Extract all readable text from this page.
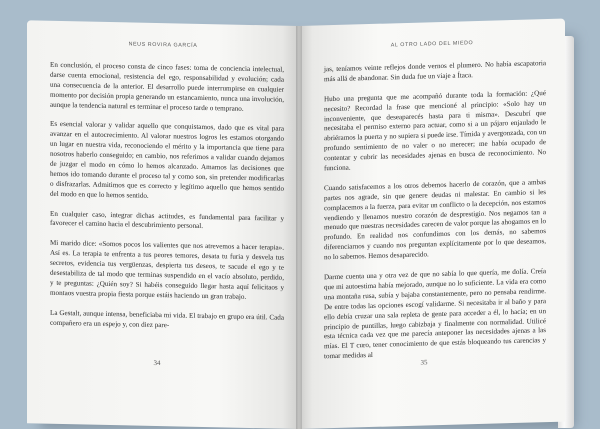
NEUS ROVIRA GARCÍA

En conclusión, el proceso consta de cinco fases: toma de conciencia intelectual, darse cuenta emocional, resistencia del ego, responsabilidad y evolución; cada una consecuencia de la anterior. El desarrollo puede interrumpirse en cualquier momento por decisión propia generando un estancamiento, nunca una involución, aunque la tendencia natural es terminar el proceso tarde o temprano.

Es esencial valorar y validar aquello que conquistamos, dado que es vital para avanzar en el autocrecimiento. Al valorar nuestros logros les estamos otorgando un lugar en nuestra vida, reconociendo el mérito y la importancia que tiene para nosotros haberlo conseguido; en cambio, nos referimos a validar cuando dejamos de juzgar el modo en cómo lo hemos alcanzado. Amamos las decisiones que hemos ido tomando durante el proceso tal y como son, sin pretender modificarlas o disfrazarlas. Admitimos que es correcto y legítimo aquello que hemos sentido del modo en que lo hemos sentido.

En cualquier caso, integrar dichas actitudes, es fundamental para facilitar y favorecer el camino hacia el descubrimiento personal.

Mi marido dice: «Somos pocos los valientes que nos atrevemos a hacer terapia». Así es. La terapia te enfrenta a tus peores temores, desata tu furia y desvela tus secretos, evidencia tus vergüenzas, despierta tus deseos, te sacude el ego y te desestabiliza de tal modo que terminas suspendido en el vacío absoluto, perdido, y te preguntas: ¿Quién soy? Si habéis conseguido llegar hasta aquí felicitaos y montaos vuestra propia fiesta porque estáis haciendo un gran trabajo.

La Gestalt, aunque intensa, beneficiaba mi vida. El trabajo en grupo era útil. Cada compañero era un espejo y, con diez pare-

34
AL OTRO LADO DEL MIEDO

jas, teníamos veinte reflejos donde vernos el plumero. No había escapatoria más allá de abandonar. Sin duda fue un viaje a Ítaca.

Hubo una pregunta que me acompañó durante toda la formación: ¿Qué necesito? Recordad la frase que mencioné al principio: «Solo hay un inconveniente, que deseaparecés hasta para ti misma». Descubrí que necesitaba el permiso externo para actuar, como si a un pájaro enjaulado le abriéramos la puerta y no supiera si puede irse. Tímida y avergonzada, con un profundo sentimiento de no valer o no merecer; me había ocupado de contentar y cubrir las necesidades ajenas en busca de reconocimiento. No funciona.

Cuando satisfacemos a los otros debemos hacerlo de corazón, que a ambas partes nos agrade, sin que genere deudas ni malestar. En cambio si les complacemos a la fuerza, para evitar un conflicto o la decepción, nos estamos vendiendo y llenamos nuestro corazón de desprestigio. Nos negamos tan a menudo que nuestras necesidades carecen de valor porque las ahogamos en lo profundo. En realidad nos confundimos con los demás, no sabemos diferenciarnos y cuando nos preguntan explícitamente por lo que deseamos, no lo sabemos. Hemos desaparecido.

Darme cuenta una y otra vez de que no sabía lo que quería, me dolía. Creía que mi autoestima había mejorado, aunque no lo suficiente. La vida era como una montaña rusa, subía y bajaba constantemente, pero no pensaba rendirme. De entre todas las opciones escogí validarme. Si necesitaba ir al baño y para ello debía cruzar una sala repleta de gente para acceder a él, lo hacía; en un principio de puntillas, luego cabizbaja y finalmente con normalidad. Utilicé esta técnica cada vez que me parecía anteponer las necesidades ajenas a las mías. El T curo, tener conocimiento de que estás bloqueando tus carencias y tomar medidas al

35
